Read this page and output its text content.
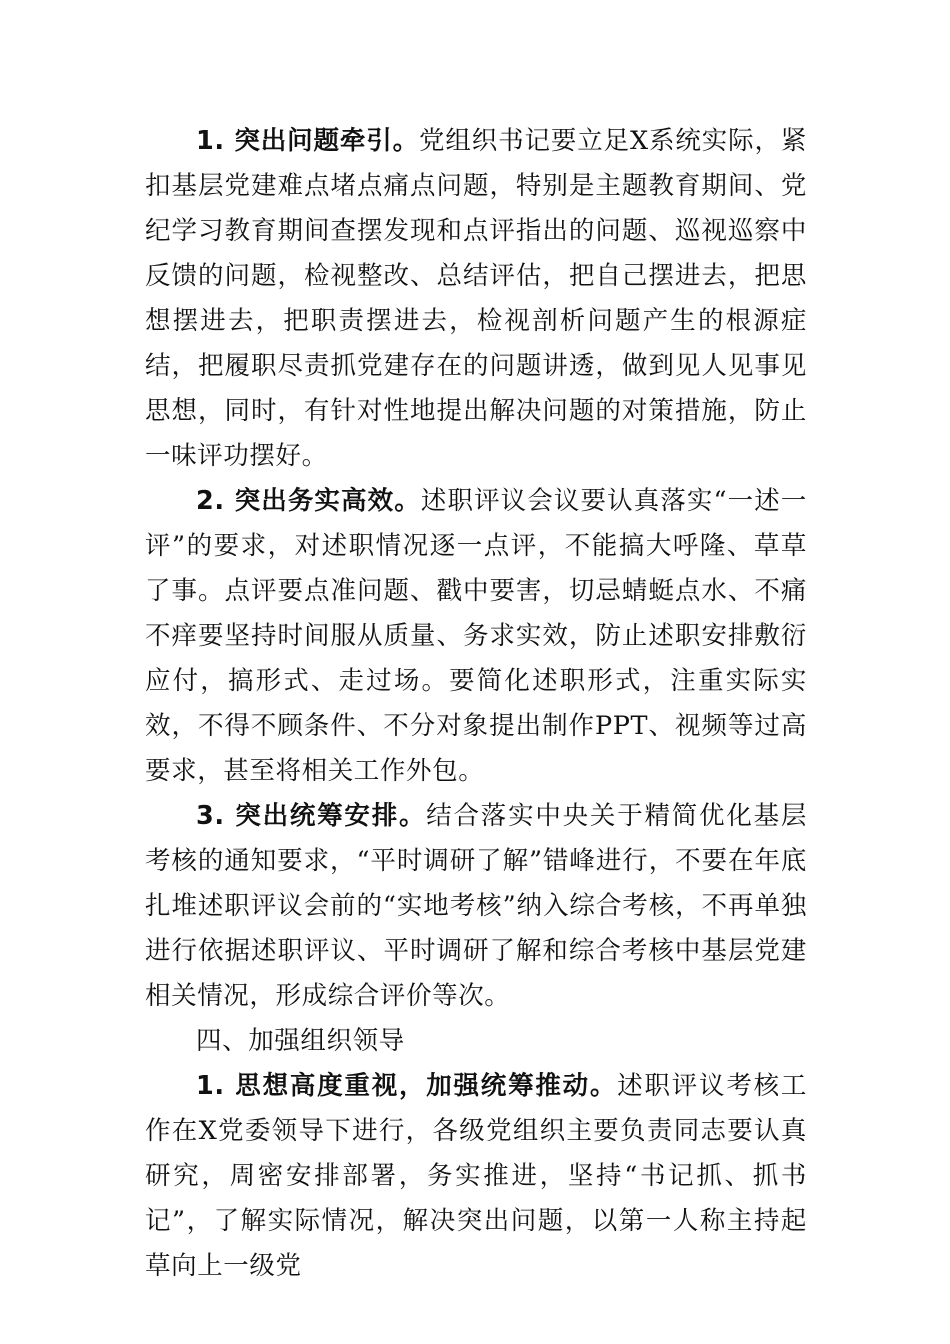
1. 突出问题牵引。党组织书记要立足X系统实际，紧扣基层党建难点堵点痛点问题，特别是主题教育期间、党纪学习教育期间查摆发现和点评指出的问题、巡视巡察中反馈的问题，检视整改、总结评估，把自己摆进去，把思想摆进去，把职责摆进去，检视剖析问题产生的根源症结，把履职尽责抓党建存在的问题讲透，做到见人见事见思想，同时，有针对性地提出解决问题的对策措施，防止一味评功摆好。

2. 突出务实高效。述职评议会议要认真落实“一述一评”的要求，对述职情况逐一点评，不能搞大呼隆、草草了事。点评要点准问题、戳中要害，切忌蜻蜓点水、不痛不痒要坚持时间服从质量、务求实效，防止述职安排敷衍应付，搞形式、走过场。要简化述职形式，注重实际实效，不得不顾条件、不分对象提出制作PPT、视频等过高要求，甚至将相关工作外包。

3. 突出统筹安排。结合落实中央关于精简优化基层考核的通知要求，“平时调研了解”错峰进行，不要在年底扎堆述职评议会前的“实地考核”纳入综合考核，不再单独进行依据述职评议、平时调研了解和综合考核中基层党建相关情况，形成综合评价等次。

四、加强组织领导

1. 思想高度重视，加强统筹推动。述职评议考核工作在X党委领导下进行，各级党组织主要负责同志要认真研究，周密安排部署，务实推进，坚持“书记抓、抓书记”，了解实际情况，解决突出问题，以第一人称主持起草向上一级党
